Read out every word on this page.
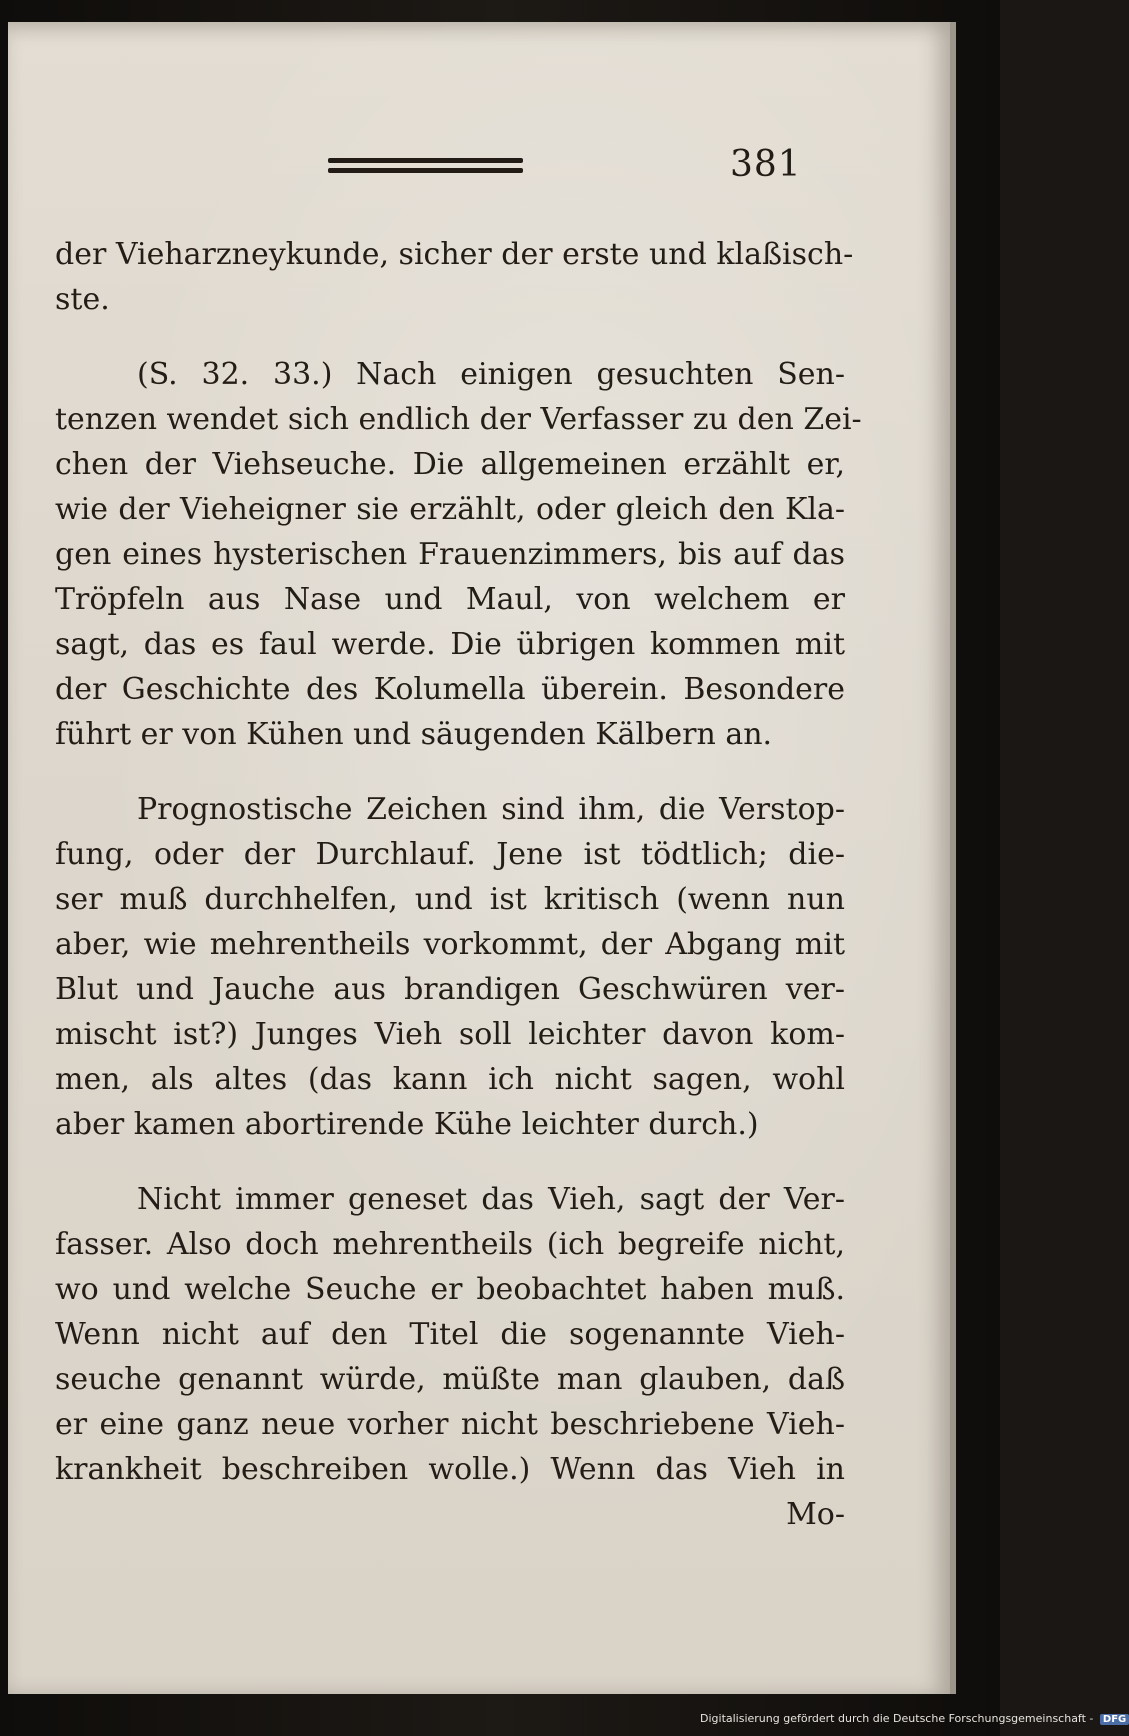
381
der Vieharzneykunde, sicher der erste und klaßisch-
ste.
(S. 32. 33.) Nach einigen gesuchten Sen-
tenzen wendet sich endlich der Verfasser zu den Zei-
chen der Viehseuche. Die allgemeinen erzählt er,
wie der Vieheigner sie erzählt, oder gleich den Kla-
gen eines hysterischen Frauenzimmers, bis auf das
Tröpfeln aus Nase und Maul, von welchem er
sagt, das es faul werde. Die übrigen kommen mit
der Geschichte des Kolumella überein. Besondere
führt er von Kühen und säugenden Kälbern an.
Prognostische Zeichen sind ihm, die Verstop-
fung, oder der Durchlauf. Jene ist tödtlich; die-
ser muß durchhelfen, und ist kritisch (wenn nun
aber, wie mehrentheils vorkommt, der Abgang mit
Blut und Jauche aus brandigen Geschwüren ver-
mischt ist?) Junges Vieh soll leichter davon kom-
men, als altes (das kann ich nicht sagen, wohl
aber kamen abortirende Kühe leichter durch.)
Nicht immer geneset das Vieh, sagt der Ver-
fasser. Also doch mehrentheils (ich begreife nicht,
wo und welche Seuche er beobachtet haben muß.
Wenn nicht auf den Titel die sogenannte Vieh-
seuche genannt würde, müßte man glauben, daß
er eine ganz neue vorher nicht beschriebene Vieh-
krankheit beschreiben wolle.) Wenn das Vieh in
Mo-
Digitalisierung gefördert durch die Deutsche Forschungsgemeinschaft - DFG
